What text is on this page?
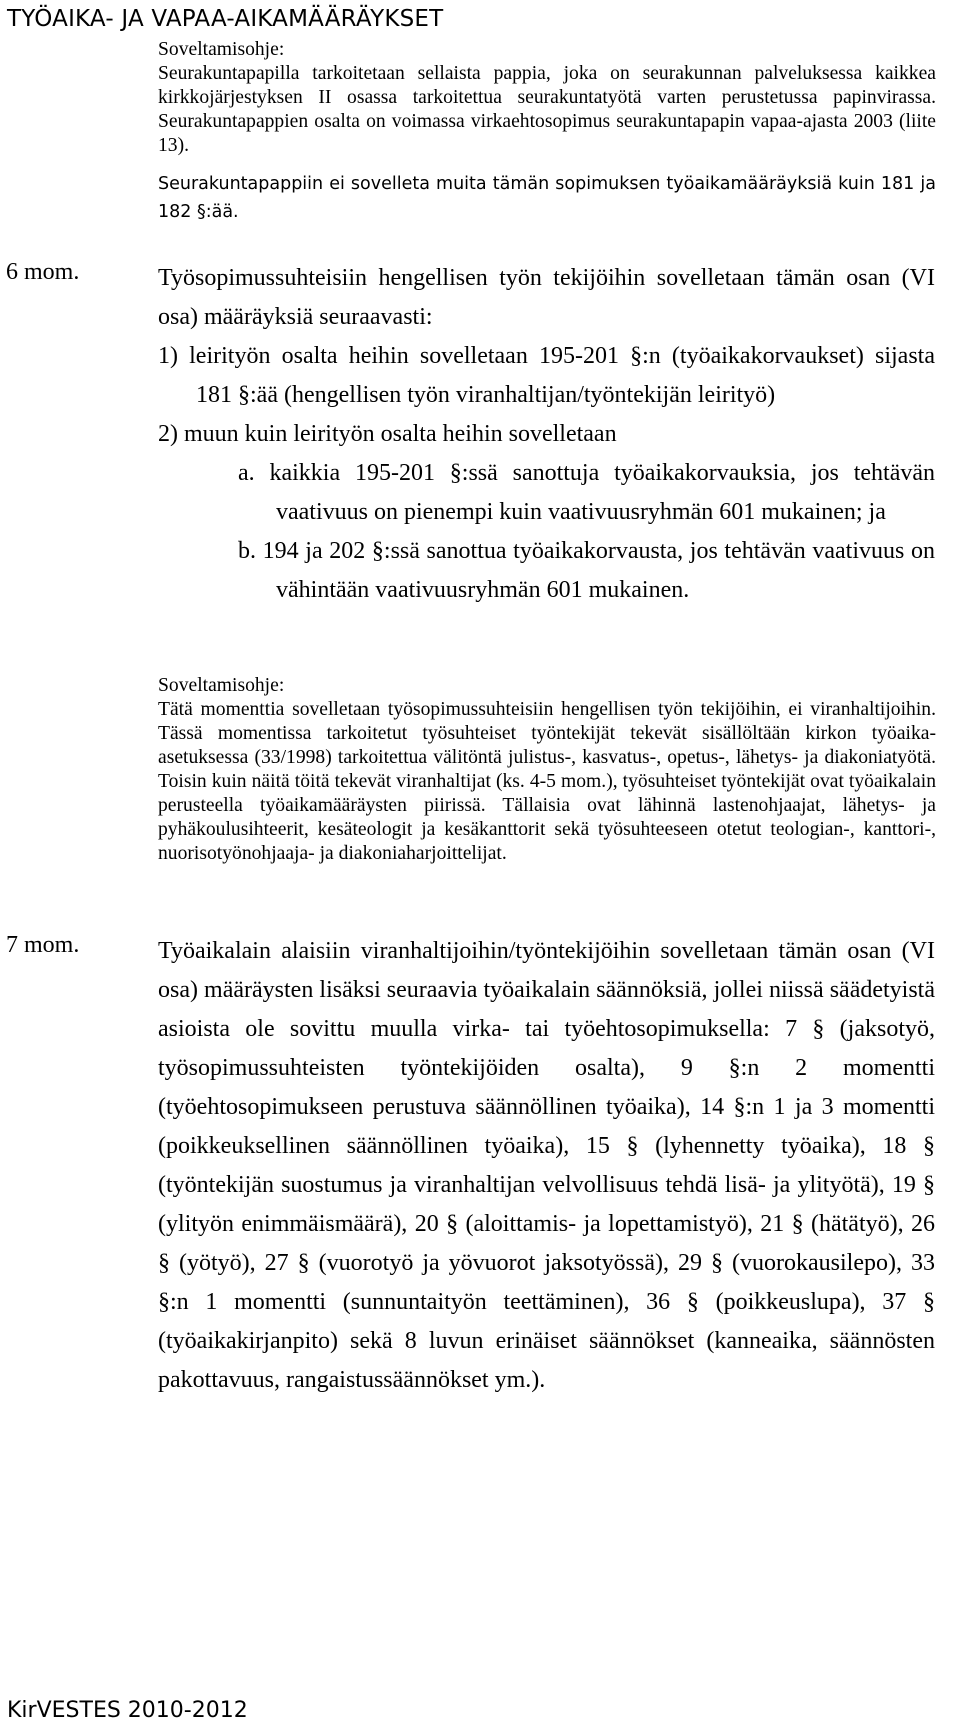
TYÖAIKA- JA VAPAA-AIKAMÄÄRÄYKSET

Soveltamisohje:

Seurakuntapapilla tarkoitetaan sellaista pappia, joka on seurakunnan palveluksessa kaikkea kirkkojärjestyksen II osassa tarkoitettua seurakuntatyötä varten perustetussa papinvirassa. Seurakuntapappien osalta on voimassa virkaehtosopimus seurakuntapapin vapaa-ajasta 2003 (liite 13).

Seurakuntapappiin ei sovelleta muita tämän sopimuksen työaikamääräyksiä kuin 181 ja 182 §:ää.

6 mom.	Työsopimussuhteisiin hengellisen työn tekijöihin sovelletaan tämän osan (VI osa) määräyksiä seuraavasti:

1) leirityön osalta heihin sovelletaan 195-201 §:n (työaikakorvaukset) sijasta 181 §:ää (hengellisen työn viranhaltijan/työntekijän leirityö)

2) muun kuin leirityön osalta heihin sovelletaan

a. kaikkia 195-201 §:ssä sanottuja työaikakorvauksia, jos tehtävän vaativuus on pienempi kuin vaativuusryhmän 601 mukainen; ja

b. 194 ja 202 §:ssä sanottua työaikakorvausta, jos tehtävän vaativuus on vähintään vaativuusryhmän 601 mukainen.

Soveltamisohje:

Tätä momenttia sovelletaan työsopimussuhteisiin hengellisen työn tekijöihin, ei viranhaltijoihin. Tässä momentissa tarkoitetut työsuhteiset työntekijät tekevät sisällöltään kirkon työaika-asetuksessa (33/1998) tarkoitettua välitöntä julistus-, kasvatus-, opetus-, lähetys- ja diakoniatyötä. Toisin kuin näitä töitä tekevät viranhaltijat (ks. 4-5 mom.), työsuhteiset työntekijät ovat työaikalain perusteella työaikamääräysten piirissä. Tällaisia ovat lähinnä lastenohjaajat, lähetys- ja pyhäkoulusihteerit, kesäteologit ja kesäkanttorit sekä työsuhteeseen otetut teologian-, kanttori-, nuorisotyönohjaaja- ja diakoniaharjoittelijat.

7 mom.	Työaikalain alaisiin viranhaltijoihin/työntekijöihin sovelletaan tämän osan (VI osa) määräysten lisäksi seuraavia työaikalain säännöksiä, jollei niissä säädetyistä asioista ole sovittu muulla virka- tai työehtosopimuksella: 7 § (jaksotyö, työsopimussuhteisten työntekijöiden osalta), 9 §:n 2 momentti (työehtosopimukseen perustuva säännöllinen työaika), 14 §:n 1 ja 3 momentti (poikkeuksellinen säännöllinen työaika), 15 § (lyhennetty työaika), 18 § (työntekijän suostumus ja viranhaltijan velvollisuus tehdä lisä- ja ylityötä), 19 § (ylityön enimmäismäärä), 20 § (aloittamis- ja lopettamistyö), 21 § (hätätyö), 26 § (yötyö), 27 § (vuorotyö ja yövuorot jaksotyössä), 29 § (vuorokausilepo), 33 §:n 1 momentti (sunnuntaityön teettäminen), 36 § (poikkeuslupa), 37 § (työaikakirjanpito) sekä 8 luvun erinäiset säännökset (kanneaika, säännösten pakottavuus, rangaistussäännökset ym.).

KirVESTES 2010-2012
